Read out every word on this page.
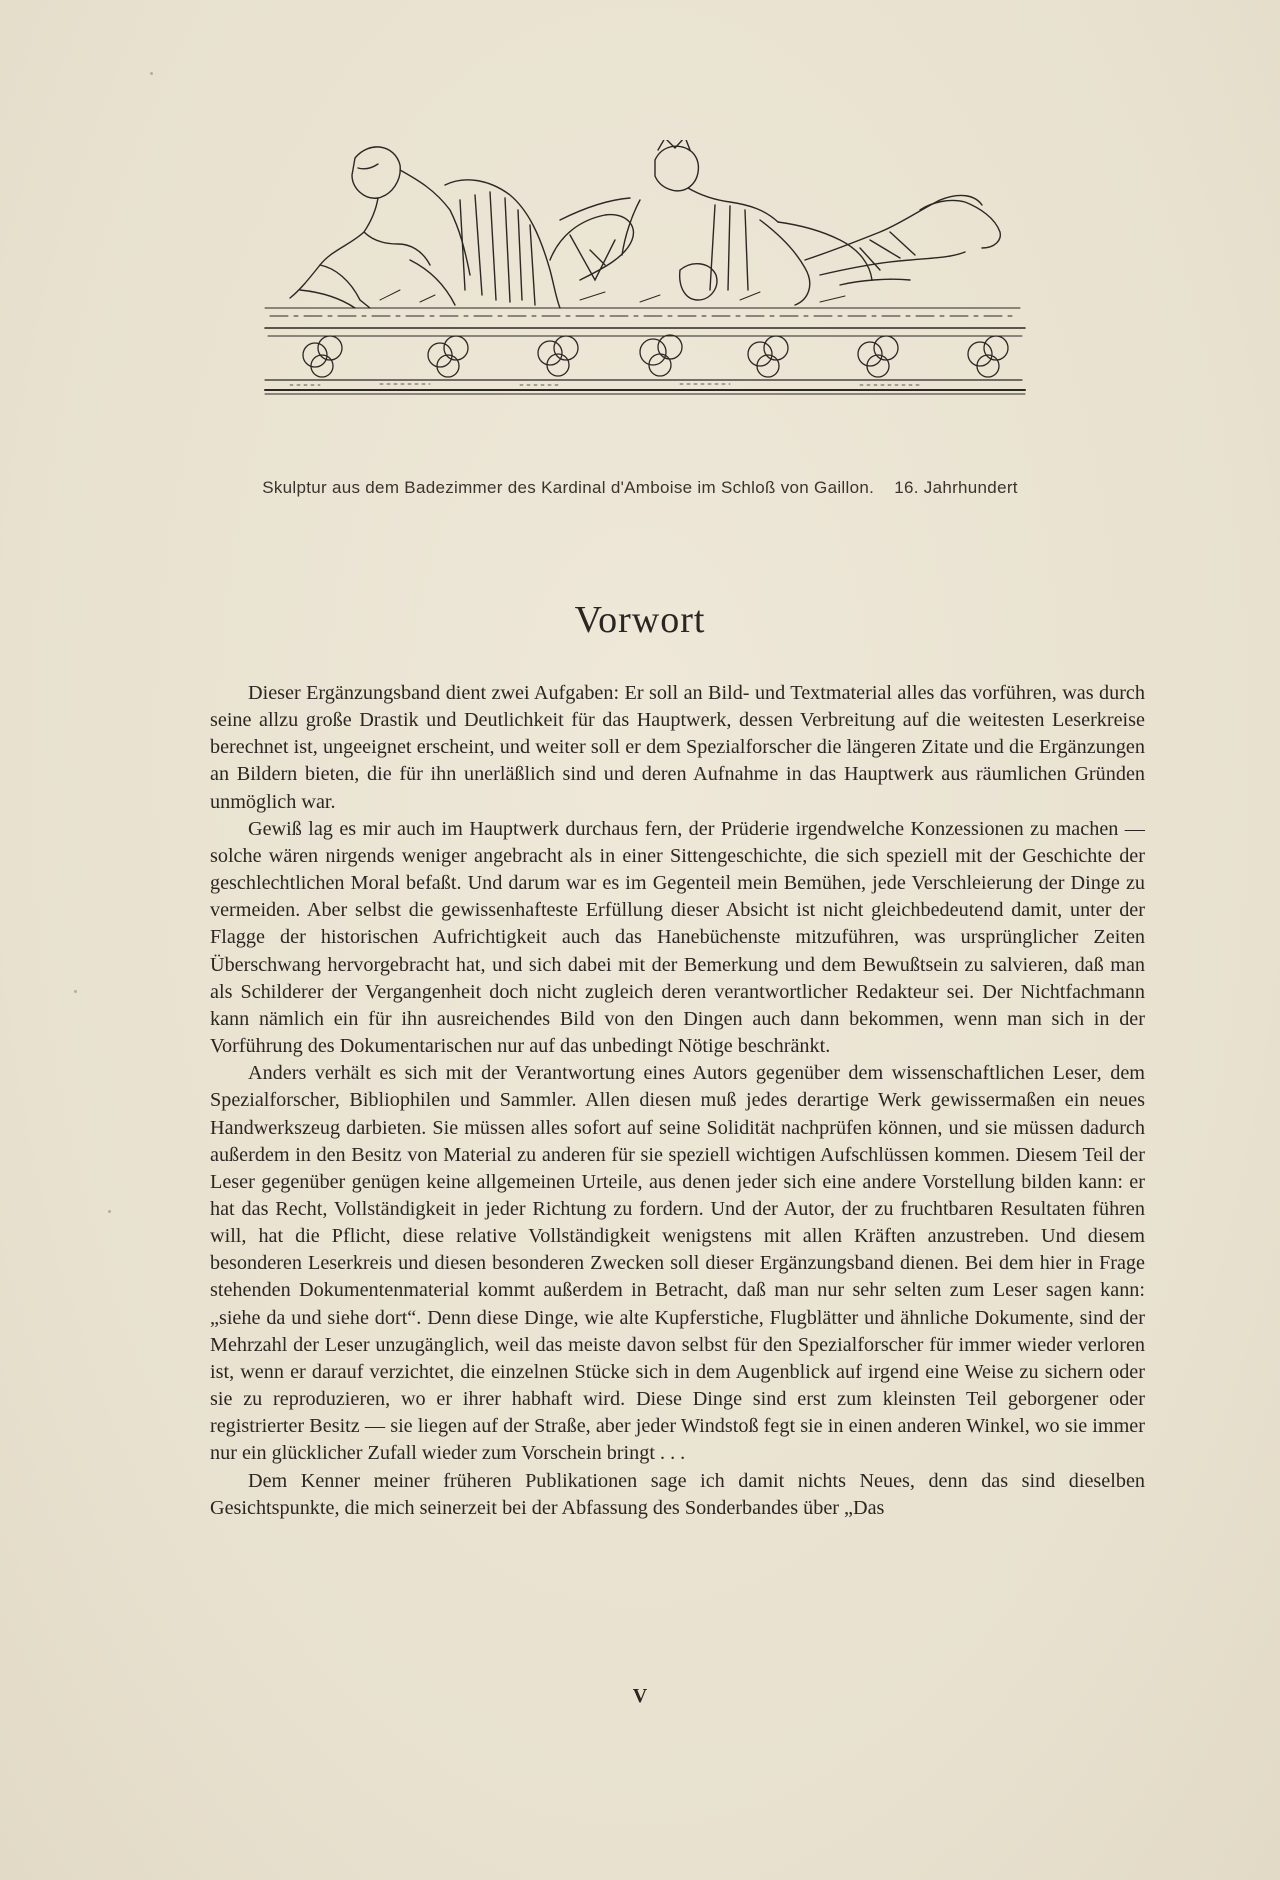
Skulptur aus dem Badezimmer des Kardinal d'Amboise im Schloß von Gaillon. 16. Jahrhundert
Vorwort

Dieser Ergänzungsband dient zwei Aufgaben: Er soll an Bild- und Textmaterial alles das vorführen, was durch seine allzu große Drastik und Deutlichkeit für das Hauptwerk, dessen Verbreitung auf die weitesten Leserkreise berechnet ist, ungeeignet erscheint, und weiter soll er dem Spezialforscher die längeren Zitate und die Ergänzungen an Bildern bieten, die für ihn unerläßlich sind und deren Aufnahme in das Hauptwerk aus räumlichen Gründen unmöglich war.

Gewiß lag es mir auch im Hauptwerk durchaus fern, der Prüderie irgendwelche Konzessionen zu machen — solche wären nirgends weniger angebracht als in einer Sittengeschichte, die sich speziell mit der Geschichte der geschlechtlichen Moral befaßt. Und darum war es im Gegenteil mein Bemühen, jede Verschleierung der Dinge zu vermeiden. Aber selbst die gewissenhafteste Erfüllung dieser Absicht ist nicht gleichbedeutend damit, unter der Flagge der historischen Aufrichtigkeit auch das Hanebüchenste mitzuführen, was ursprünglicher Zeiten Überschwang hervorgebracht hat, und sich dabei mit der Bemerkung und dem Bewußtsein zu salvieren, daß man als Schilderer der Vergangenheit doch nicht zugleich deren verantwortlicher Redakteur sei. Der Nichtfachmann kann nämlich ein für ihn ausreichendes Bild von den Dingen auch dann bekommen, wenn man sich in der Vorführung des Dokumentarischen nur auf das unbedingt Nötige beschränkt.

Anders verhält es sich mit der Verantwortung eines Autors gegenüber dem wissenschaftlichen Leser, dem Spezialforscher, Bibliophilen und Sammler. Allen diesen muß jedes derartige Werk gewissermaßen ein neues Handwerkszeug darbieten. Sie müssen alles sofort auf seine Solidität nachprüfen können, und sie müssen dadurch außerdem in den Besitz von Material zu anderen für sie speziell wichtigen Aufschlüssen kommen. Diesem Teil der Leser gegenüber genügen keine allgemeinen Urteile, aus denen jeder sich eine andere Vorstellung bilden kann: er hat das Recht, Vollständigkeit in jeder Richtung zu fordern. Und der Autor, der zu fruchtbaren Resultaten führen will, hat die Pflicht, diese relative Vollständigkeit wenigstens mit allen Kräften anzustreben. Und diesem besonderen Leserkreis und diesen besonderen Zwecken soll dieser Ergänzungsband dienen. Bei dem hier in Frage stehenden Dokumentenmaterial kommt außerdem in Betracht, daß man nur sehr selten zum Leser sagen kann: „siehe da und siehe dort“. Denn diese Dinge, wie alte Kupferstiche, Flugblätter und ähnliche Dokumente, sind der Mehrzahl der Leser unzugänglich, weil das meiste davon selbst für den Spezialforscher für immer wieder verloren ist, wenn er darauf verzichtet, die einzelnen Stücke sich in dem Augenblick auf irgend eine Weise zu sichern oder sie zu reproduzieren, wo er ihrer habhaft wird. Diese Dinge sind erst zum kleinsten Teil geborgener oder registrierter Besitz — sie liegen auf der Straße, aber jeder Windstoß fegt sie in einen anderen Winkel, wo sie immer nur ein glücklicher Zufall wieder zum Vorschein bringt . . .

Dem Kenner meiner früheren Publikationen sage ich damit nichts Neues, denn das sind dieselben Gesichtspunkte, die mich seinerzeit bei der Abfassung des Sonderbandes über „Das

V
